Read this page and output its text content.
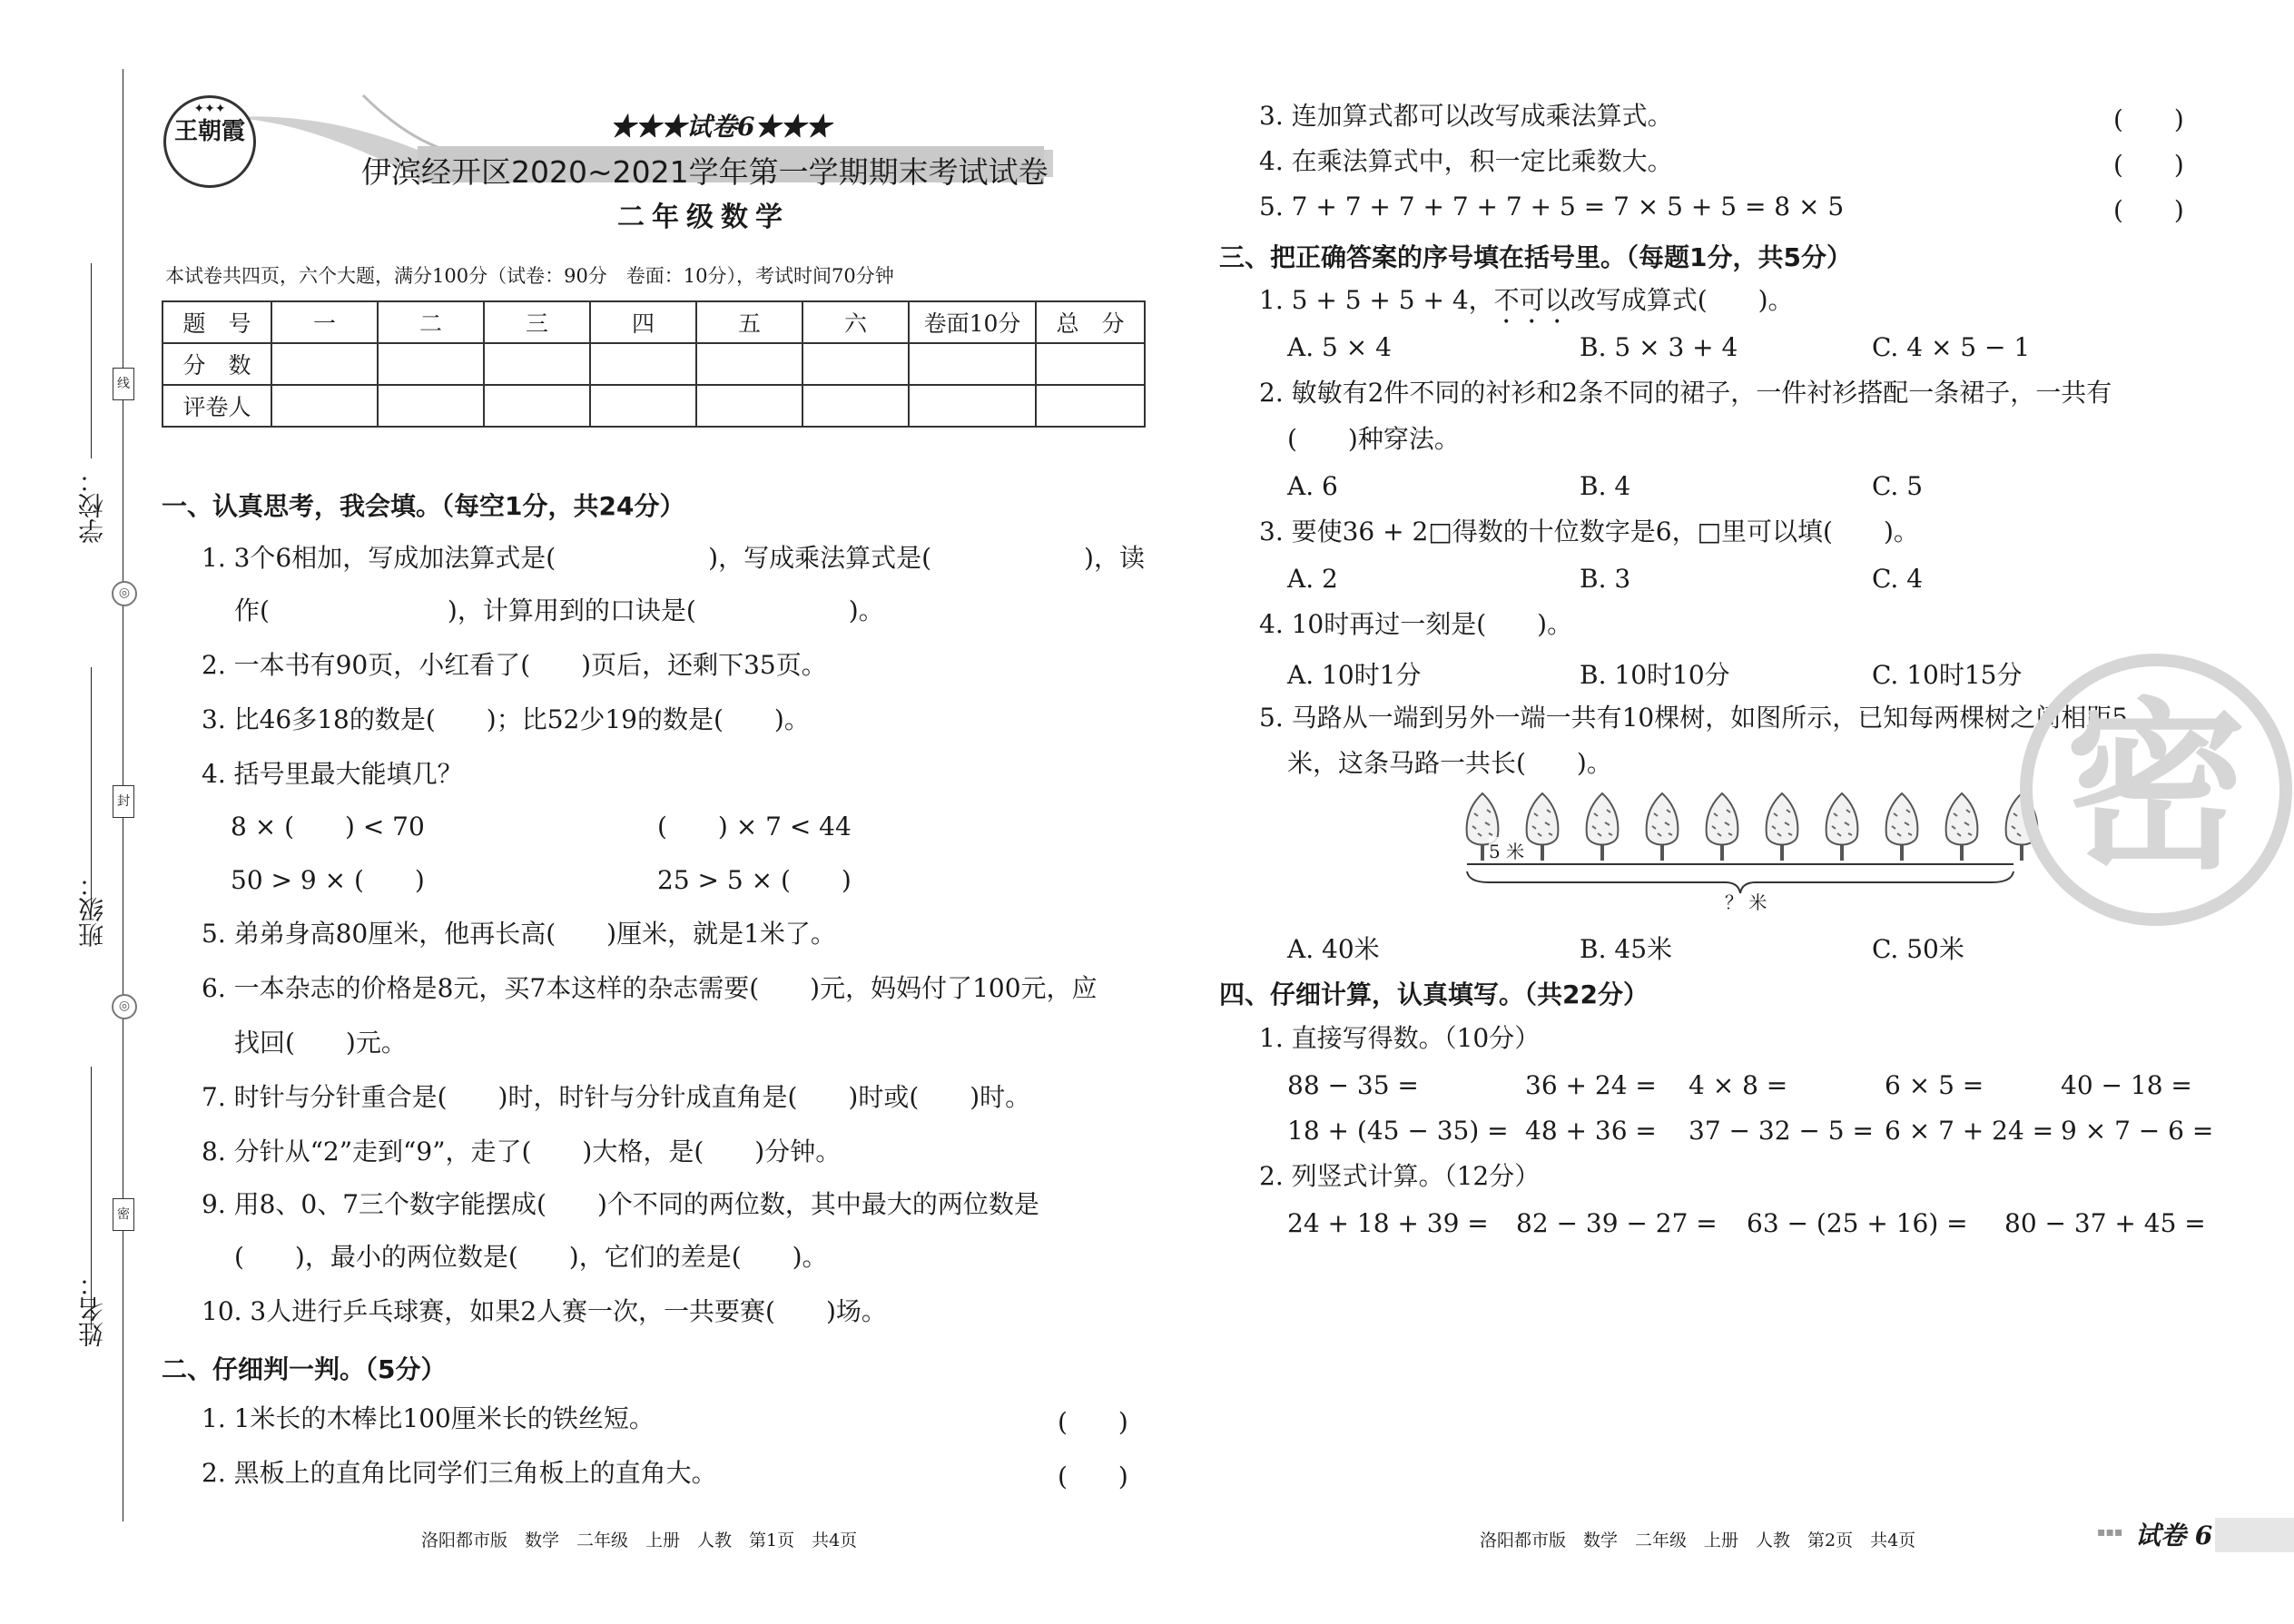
学校：
班级：
姓名：
线
封
密
◎
◎
✦✦✦
王朝霞	★★★试卷6★★★
伊滨经开区2020~2021学年第一学期期末考试试卷
二年级数学
本试卷共四页，六个大题，满分100分（试卷：90分　卷面：10分），考试时间70分钟
题　号	一	二	三	四	五	六	卷面10分	总　分
分　数								
评卷人								
一、认真思考，我会填。（每空1分，共24分）
1. 3个6相加，写成加法算式是(　　　　　　)，写成乘法算式是(　　　　　　)，读
作(　　　　　　　)，计算用到的口诀是(　　　　　　)。
2. 一本书有90页，小红看了(　　)页后，还剩下35页。
3. 比46多18的数是(　　)；比52少19的数是(　　)。
4. 括号里最大能填几？
8 × (　　) < 70	(　　) × 7 < 44
50 > 9 × (　　)	25 > 5 × (　　)
5. 弟弟身高80厘米，他再长高(　　)厘米，就是1米了。
6. 一本杂志的价格是8元，买7本这样的杂志需要(　　)元，妈妈付了100元，应
找回(　　)元。
7. 时针与分针重合是(　　)时，时针与分针成直角是(　　)时或(　　)时。
8. 分针从“2”走到“9”，走了(　　)大格，是(　　)分钟。
9. 用8、0、7三个数字能摆成(　　)个不同的两位数，其中最大的两位数是
(　　)，最小的两位数是(　　)，它们的差是(　　)。
10. 3人进行乒乓球赛，如果2人赛一次，一共要赛(　　)场。
二、仔细判一判。（5分）
1. 1米长的木棒比100厘米长的铁丝短。	(　　)
2. 黑板上的直角比同学们三角板上的直角大。	(　　)
洛阳都市版　数学　二年级　上册　人教　第1页　共4页
3. 连加算式都可以改写成乘法算式。	(　　)
4. 在乘法算式中，积一定比乘数大。	(　　)
5. 7 + 7 + 7 + 7 + 7 + 5 = 7 × 5 + 5 = 8 × 5	(　　)
三、把正确答案的序号填在括号里。（每题1分，共5分）
1. 5 + 5 + 5 + 4，不可以改写成算式(　　)。
A. 5 × 4	B. 5 × 3 + 4	C. 4 × 5 − 1
2. 敏敏有2件不同的衬衫和2条不同的裙子，一件衬衫搭配一条裙子，一共有
(　　)种穿法。
A. 6	B. 4	C. 5
3. 要使36 + 2□得数的十位数字是6，□里可以填(　　)。
A. 2	B. 3	C. 4
4. 10时再过一刻是(　　)。
A. 10时1分	B. 10时10分	C. 10时15分
5. 马路从一端到另外一端一共有10棵树，如图所示，已知每两棵树之间相距5
米，这条马路一共长(　　)。
5 米
？ 米
A. 40米	B. 45米	C. 50米
四、仔细计算，认真填写。（共22分）
1. 直接写得数。（10分）
88 − 35 =	36 + 24 = 4 × 8 =	6 × 5 =	40 − 18 =
18 + (45 − 35) = 48 + 36 = 37 − 32 − 5 = 6 × 7 + 24 = 9 × 7 − 6 =
2. 列竖式计算。（12分）
24 + 18 + 39 = 82 − 39 − 27 = 63 − (25 + 16) = 80 − 37 + 45 =
密
洛阳都市版　数学　二年级　上册　人教　第2页　共4页	▪▪▪ 试卷 6
